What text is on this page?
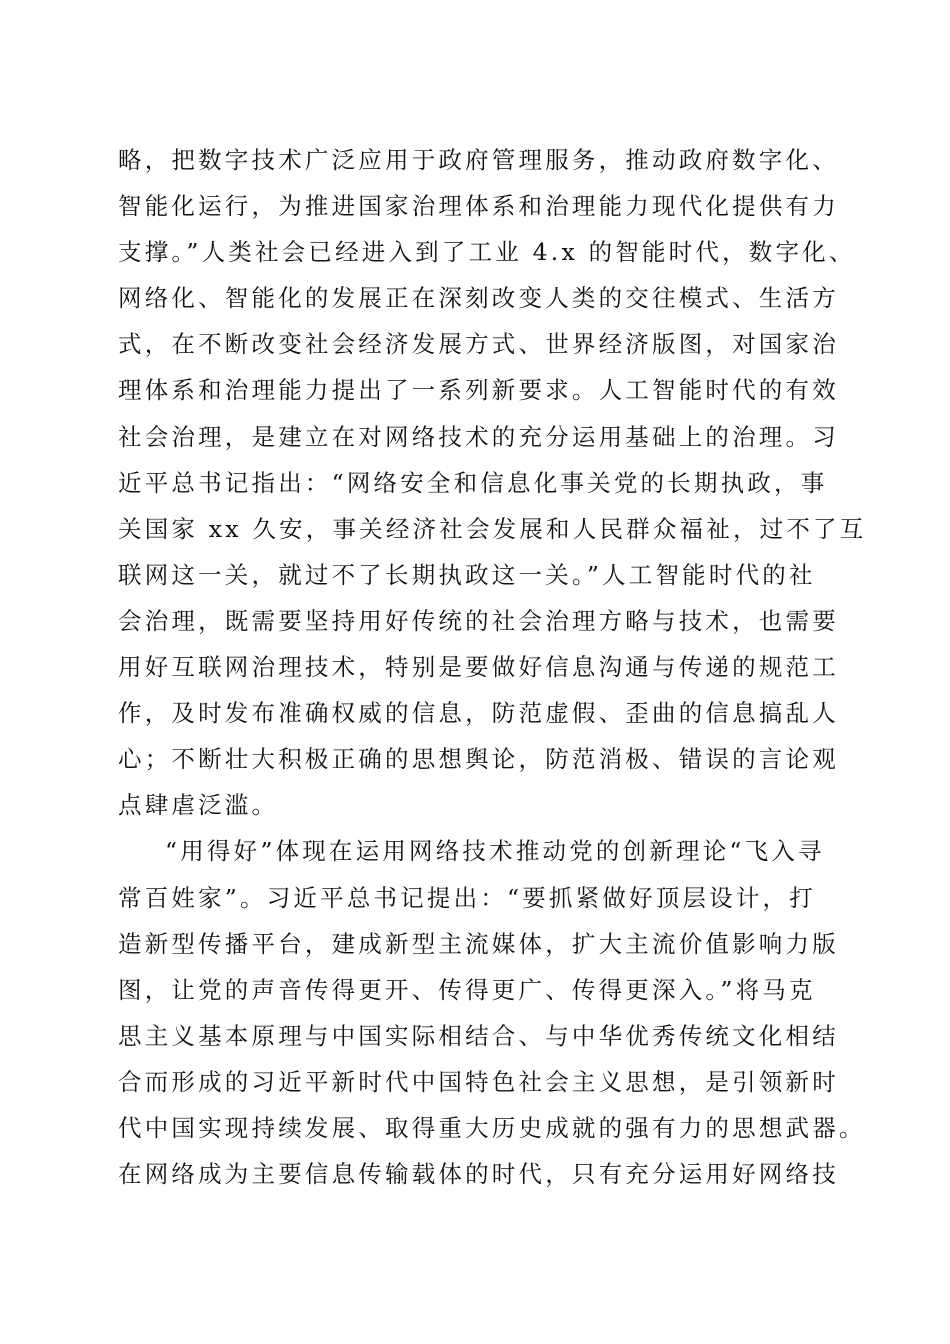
略，把数字技术广泛应用于政府管理服务，推动政府数字化、

智能化运行，为推进国家治理体系和治理能力现代化提供有力

支撑。”人类社会已经进入到了工业 4.x 的智能时代，数字化、

网络化、智能化的发展正在深刻改变人类的交往模式、生活方

式，在不断改变社会经济发展方式、世界经济版图，对国家治

理体系和治理能力提出了一系列新要求。人工智能时代的有效

社会治理，是建立在对网络技术的充分运用基础上的治理。习

近平总书记指出：“网络安全和信息化事关党的长期执政，事

关国家 xx 久安，事关经济社会发展和人民群众福祉，过不了互

联网这一关，就过不了长期执政这一关。”人工智能时代的社

会治理，既需要坚持用好传统的社会治理方略与技术，也需要

用好互联网治理技术，特别是要做好信息沟通与传递的规范工

作，及时发布准确权威的信息，防范虚假、歪曲的信息搞乱人

心；不断壮大积极正确的思想舆论，防范消极、错误的言论观

点肆虐泛滥。

“用得好”体现在运用网络技术推动党的创新理论“飞入寻

常百姓家”。习近平总书记提出：“要抓紧做好顶层设计，打

造新型传播平台，建成新型主流媒体，扩大主流价值影响力版

图，让党的声音传得更开、传得更广、传得更深入。”将马克

思主义基本原理与中国实际相结合、与中华优秀传统文化相结

合而形成的习近平新时代中国特色社会主义思想，是引领新时

代中国实现持续发展、取得重大历史成就的强有力的思想武器。

在网络成为主要信息传输载体的时代，只有充分运用好网络技
